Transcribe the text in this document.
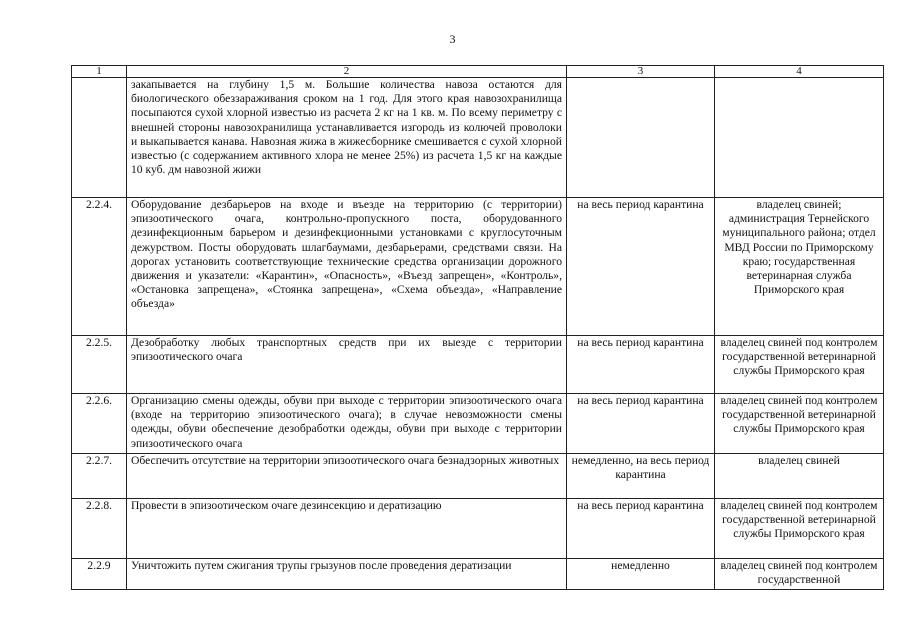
3
1	2	3	4
	закапывается на глубину 1,5 м. Большие количества навоза остаются для биологического обеззараживания сроком на 1 год. Для этого края навозохранилища посыпаются сухой хлорной известью из расчета 2 кг на 1 кв. м. По всему периметру с внешней стороны навозохранилища устанавливается изгородь из колючей проволоки и выкапывается канава. Навозная жижа в жижесборнике смешивается с сухой хлорной известью (с содержанием активного хлора не менее 25%) из расчета 1,5 кг на каждые 10 куб. дм навозной жижи		
2.2.4.	Оборудование дезбарьеров на входе и въезде на территорию (с территории) эпизоотического очага, контрольно-пропускного поста, оборудованного дезинфекционным барьером и дезинфекционными установками с круглосуточным дежурством. Посты оборудовать шлагбаумами, дезбарьерами, средствами связи. На дорогах установить соответствующие технические средства организации дорожного движения и указатели: «Карантин», «Опасность», «Въезд запрещен», «Контроль», «Остановка запрещена», «Стоянка запрещена», «Схема объезда», «Направление объезда»	на весь период карантина	владелец свиней; администрация Тернейского муниципального района; отдел МВД России по Приморскому краю; государственная ветеринарная служба Приморского края
2.2.5.	Дезобработку любых транспортных средств при их выезде с территории эпизоотического очага	на весь период карантина	владелец свиней под контролем государственной ветеринарной службы Приморского края
2.2.6.	Организацию смены одежды, обуви при выходе с территории эпизоотического очага (входе на территорию эпизоотического очага); в случае невозможности смены одежды, обуви обеспечение дезобработки одежды, обуви при выходе с территории эпизоотического очага	на весь период карантина	владелец свиней под контролем государственной ветеринарной службы Приморского края
2.2.7.	Обеспечить отсутствие на территории эпизоотического очага безнадзорных животных	немедленно, на весь период карантина	владелец свиней
2.2.8.	Провести в эпизоотическом очаге дезинсекцию и дератизацию	на весь период карантина	владелец свиней под контролем государственной ветеринарной службы Приморского края
2.2.9	Уничтожить путем сжигания трупы грызунов после проведения дератизации	немедленно	владелец свиней под контролем государственной
